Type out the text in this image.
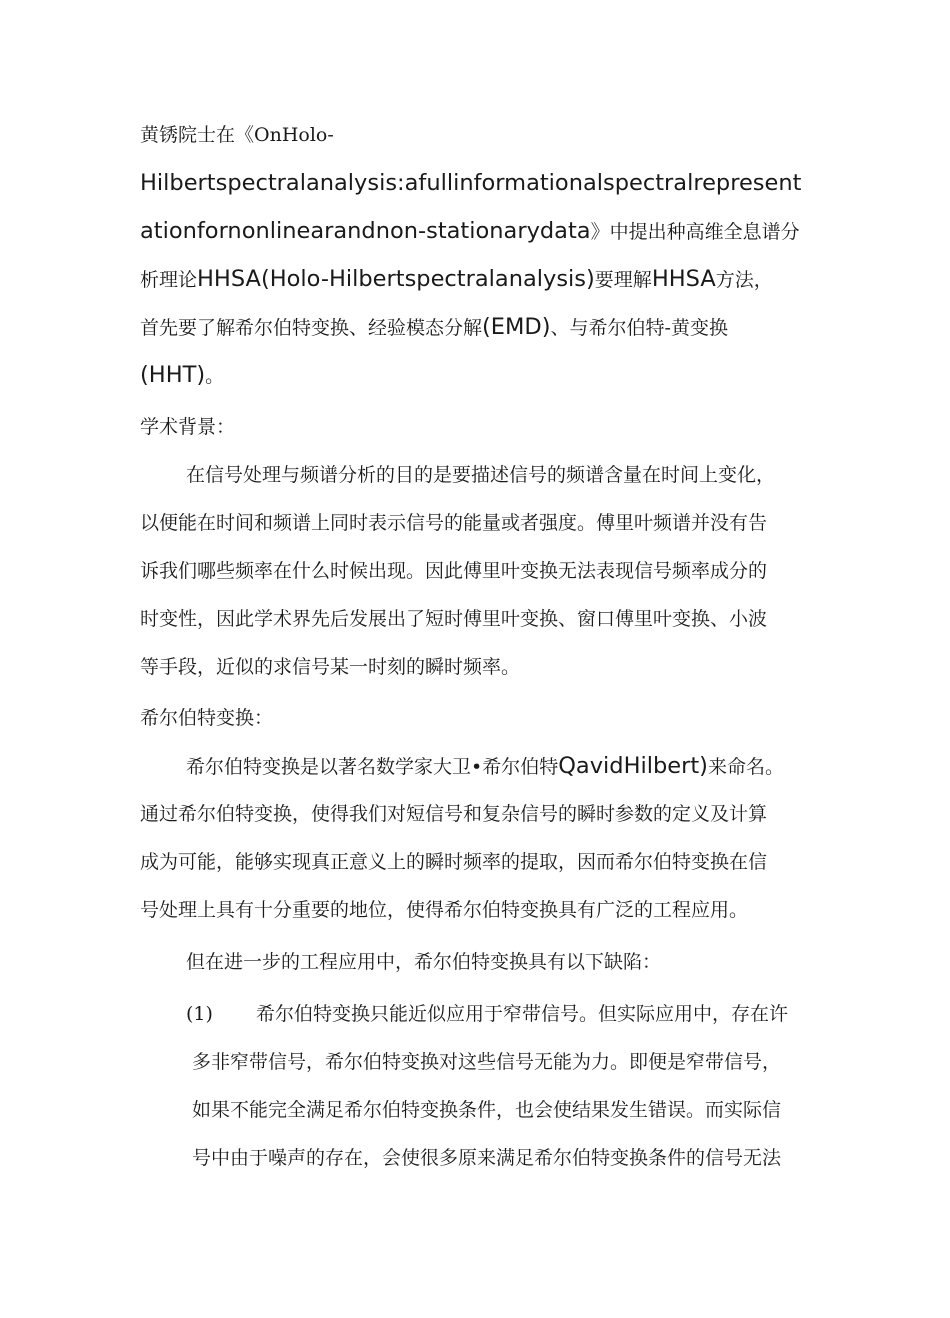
黄锈院士在《OnHolo-
Hilbertspectralanalysis:afullinformationalspectralrepresent
ationfornonlinearandnon-stationarydata》中提出种高维全息谱分
析理论HHSA(Holo-Hilbertspectralanalysis)要理解HHSA方法，
首先要了解希尔伯特变换、经验模态分解(EMD)、与希尔伯特-黄变换
(HHT)。
学术背景：
在信号处理与频谱分析的目的是要描述信号的频谱含量在时间上变化，
以便能在时间和频谱上同时表示信号的能量或者强度。傅里叶频谱并没有告
诉我们哪些频率在什么时候出现。因此傅里叶变换无法表现信号频率成分的
时变性，因此学术界先后发展出了短时傅里叶变换、窗口傅里叶变换、小波
等手段，近似的求信号某一时刻的瞬时频率。
希尔伯特变换：
希尔伯特变换是以著名数学家大卫•希尔伯特QavidHilbert)来命名。
通过希尔伯特变换，使得我们对短信号和复杂信号的瞬时参数的定义及计算
成为可能，能够实现真正意义上的瞬时频率的提取，因而希尔伯特变换在信
号处理上具有十分重要的地位，使得希尔伯特变换具有广泛的工程应用。
但在进一步的工程应用中，希尔伯特变换具有以下缺陷：
(1) 希尔伯特变换只能近似应用于窄带信号。但实际应用中，存在许
多非窄带信号，希尔伯特变换对这些信号无能为力。即便是窄带信号，
如果不能完全满足希尔伯特变换条件，也会使结果发生错误。而实际信
号中由于噪声的存在，会使很多原来满足希尔伯特变换条件的信号无法
